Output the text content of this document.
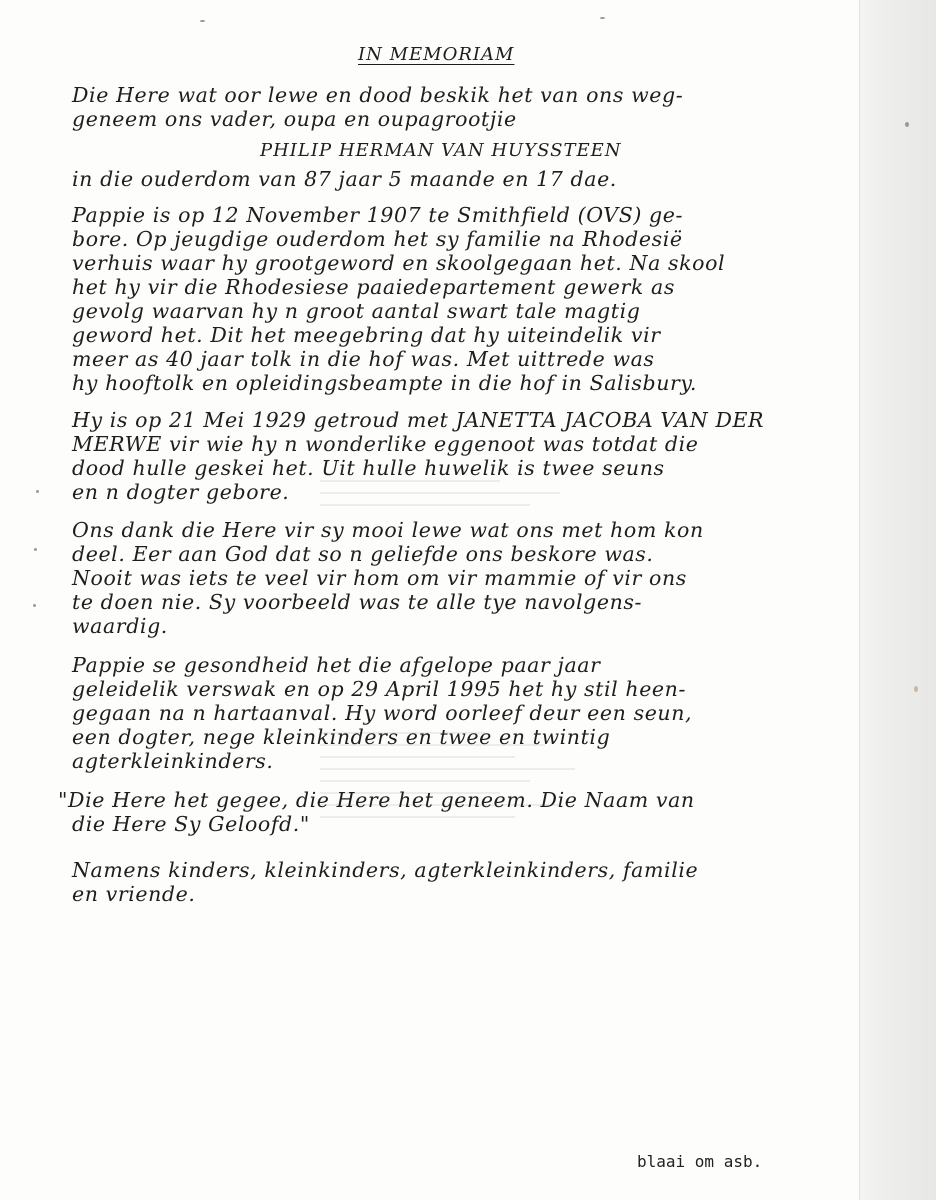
IN MEMORIAM
Die Here wat oor lewe en dood beskik het van ons weg-
geneem ons vader, oupa en oupagrootjie
PHILIP HERMAN VAN HUYSSTEEN
in die ouderdom van 87 jaar 5 maande en 17 dae.
Pappie is op 12 November 1907 te Smithfield (OVS) ge-
bore. Op jeugdige ouderdom het sy familie na Rhodesië
verhuis waar hy grootgeword en skoolgegaan het. Na skool
het hy vir die Rhodesiese paaiedepartement gewerk as
gevolg waarvan hy n groot aantal swart tale magtig
geword het. Dit het meegebring dat hy uiteindelik vir
meer as 40 jaar tolk in die hof was. Met uittrede was
hy hooftolk en opleidingsbeampte in die hof in Salisbury.
Hy is op 21 Mei 1929 getroud met JANETTA JACOBA VAN DER
MERWE vir wie hy n wonderlike eggenoot was totdat die
dood hulle geskei het. Uit hulle huwelik is twee seuns
en n dogter gebore.
Ons dank die Here vir sy mooi lewe wat ons met hom kon
deel. Eer aan God dat so n geliefde ons beskore was.
Nooit was iets te veel vir hom om vir mammie of vir ons
te doen nie. Sy voorbeeld was te alle tye navolgens-
waardig.
Pappie se gesondheid het die afgelope paar jaar
geleidelik verswak en op 29 April 1995 het hy stil heen-
gegaan na n hartaanval. Hy word oorleef deur een seun,
een dogter, nege kleinkinders en twee en twintig
agterkleinkinders.
"Die Here het gegee, die Here het geneem. Die Naam van
die Here Sy Geloofd."
Namens kinders, kleinkinders, agterkleinkinders, familie
en vriende.
blaai om asb.
